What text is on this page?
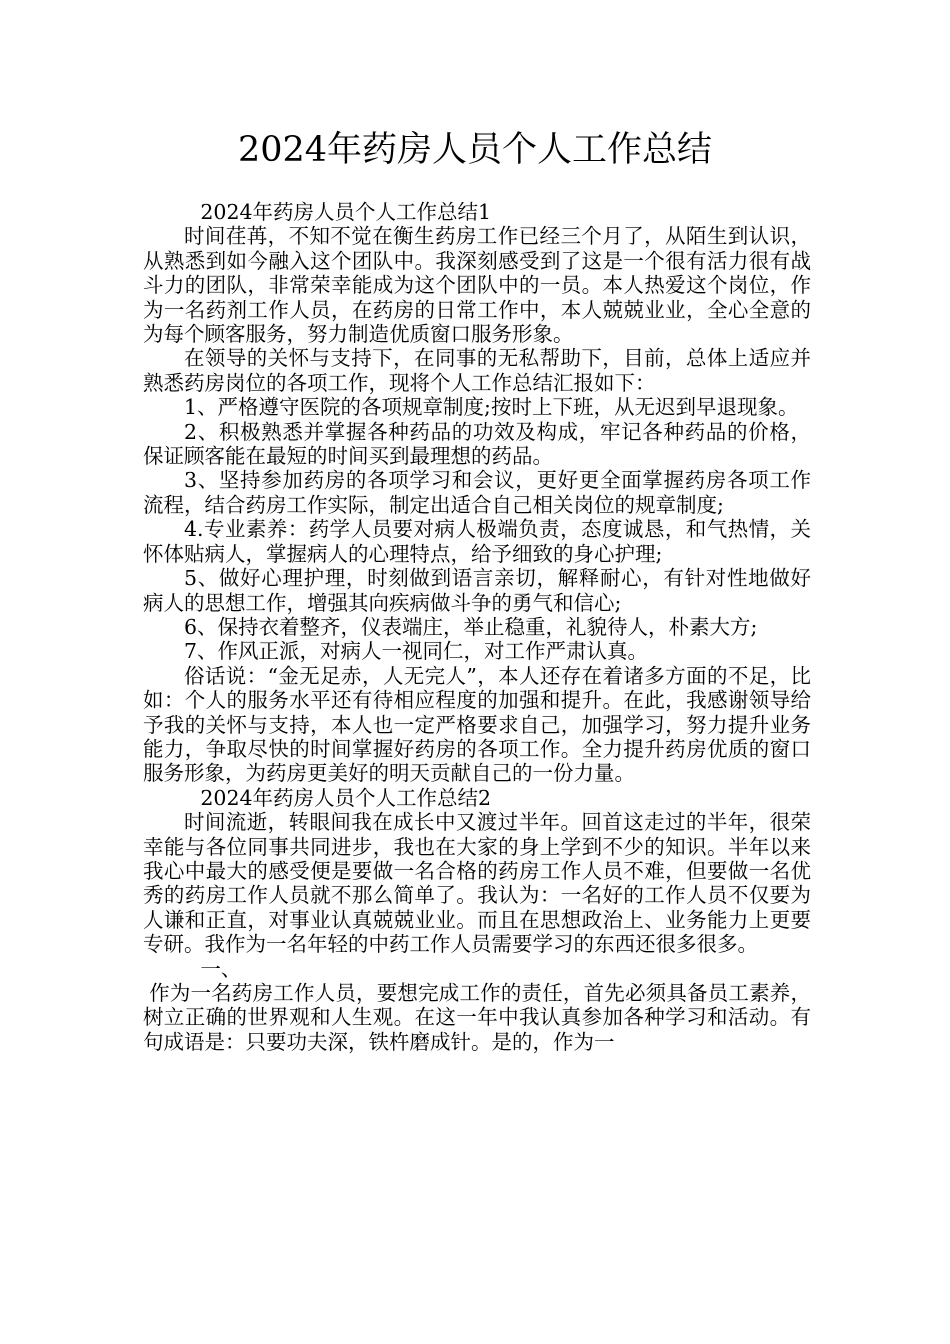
2024年药房人员个人工作总结

2024年药房人员个人工作总结1

时间荏苒，不知不觉在衡生药房工作已经三个月了，从陌生到认识，从熟悉到如今融入这个团队中。我深刻感受到了这是一个很有活力很有战斗力的团队，非常荣幸能成为这个团队中的一员。本人热爱这个岗位，作为一名药剂工作人员，在药房的日常工作中，本人兢兢业业，全心全意的为每个顾客服务，努力制造优质窗口服务形象。

在领导的关怀与支持下，在同事的无私帮助下，目前，总体上适应并熟悉药房岗位的各项工作，现将个人工作总结汇报如下：

1、严格遵守医院的各项规章制度;按时上下班，从无迟到早退现象。

2、积极熟悉并掌握各种药品的功效及构成，牢记各种药品的价格，保证顾客能在最短的时间买到最理想的药品。

3、坚持参加药房的各项学习和会议，更好更全面掌握药房各项工作流程，结合药房工作实际，制定出适合自己相关岗位的规章制度;

4.专业素养：药学人员要对病人极端负责，态度诚恳，和气热情，关怀体贴病人，掌握病人的心理特点，给予细致的身心护理;

5、做好心理护理，时刻做到语言亲切，解释耐心，有针对性地做好病人的思想工作，增强其向疾病做斗争的勇气和信心;

6、保持衣着整齐，仪表端庄，举止稳重，礼貌待人，朴素大方;

7、作风正派，对病人一视同仁，对工作严肃认真。

俗话说：“金无足赤，人无完人”，本人还存在着诸多方面的不足，比如：个人的服务水平还有待相应程度的加强和提升。在此，我感谢领导给予我的关怀与支持，本人也一定严格要求自己，加强学习，努力提升业务能力，争取尽快的时间掌握好药房的各项工作。全力提升药房优质的窗口服务形象，为药房更美好的明天贡献自己的一份力量。

2024年药房人员个人工作总结2

时间流逝，转眼间我在成长中又渡过半年。回首这走过的半年，很荣幸能与各位同事共同进步，我也在大家的身上学到不少的知识。半年以来我心中最大的感受便是要做一名合格的药房工作人员不难，但要做一名优秀的药房工作人员就不那么简单了。我认为：一名好的工作人员不仅要为人谦和正直，对事业认真兢兢业业。而且在思想政治上、业务能力上更要专研。我作为一名年轻的中药工作人员需要学习的东西还很多很多。

一、

作为一名药房工作人员，要想完成工作的责任，首先必须具备员工素养，树立正确的世界观和人生观。在这一年中我认真参加各种学习和活动。有句成语是：只要功夫深，铁杵磨成针。是的，作为一
